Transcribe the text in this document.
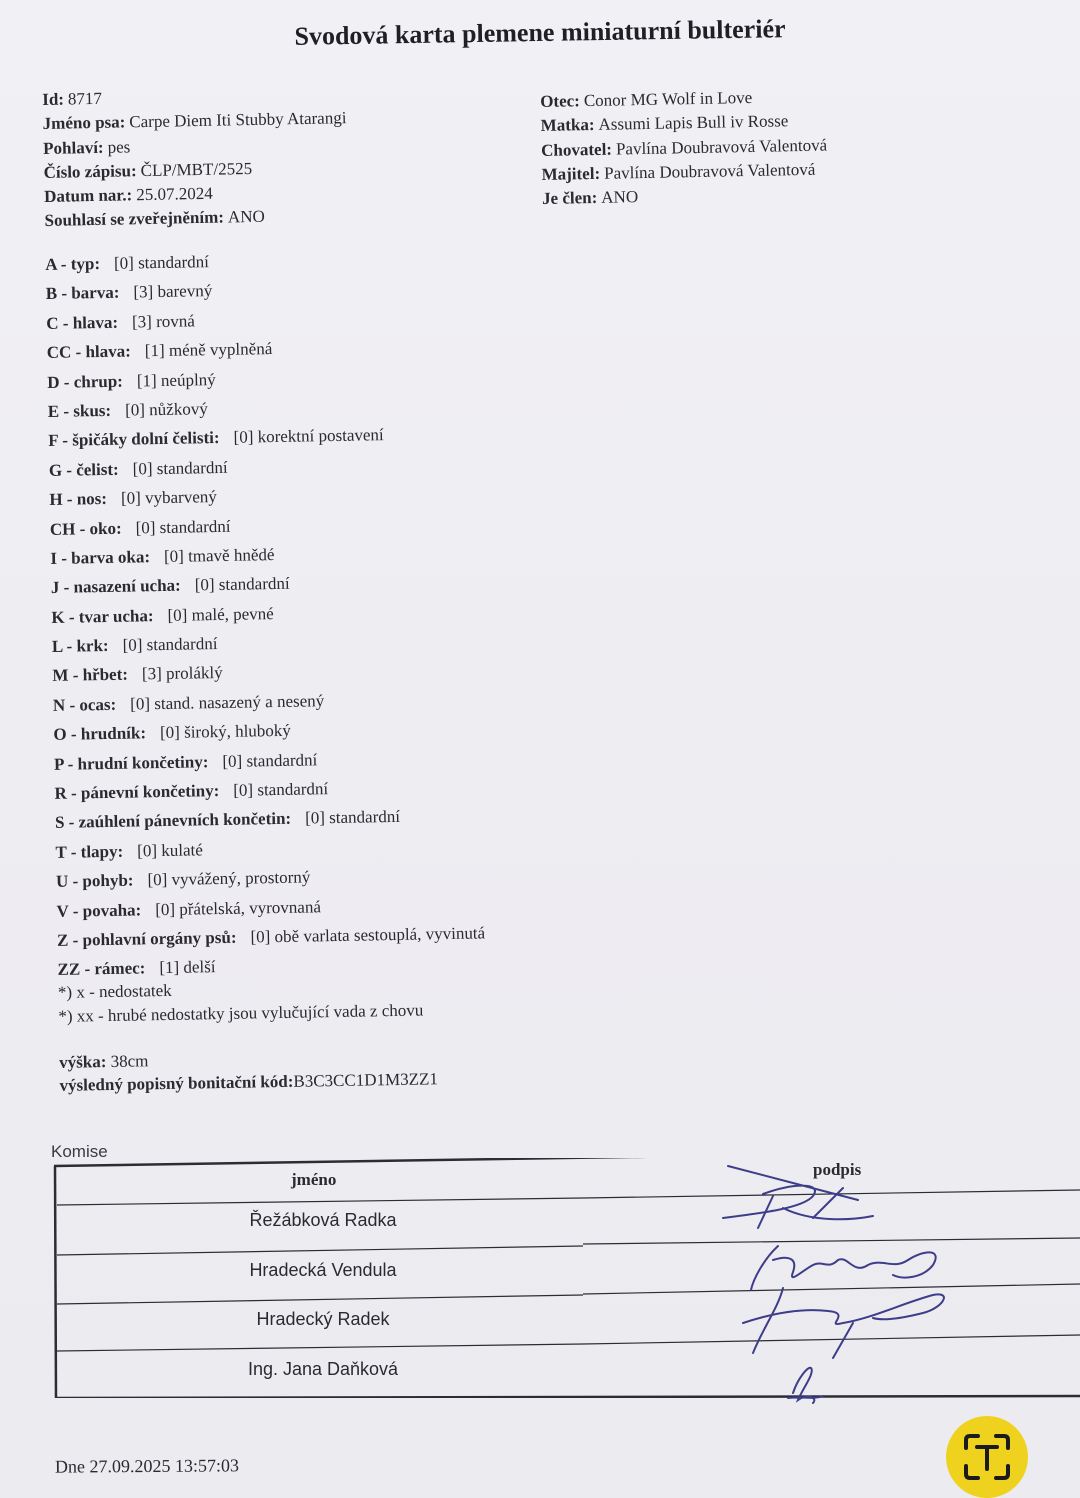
Svodová karta plemene miniaturní bulteriér
Id: 8717
Jméno psa: Carpe Diem Iti Stubby Atarangi
Pohlaví: pes
Číslo zápisu: ČLP/MBT/2525
Datum nar.: 25.07.2024
Souhlasí se zveřejněním: ANO
Otec: Conor MG Wolf in Love
Matka: Assumi Lapis Bull iv Rosse
Chovatel: Pavlína Doubravová Valentová
Majitel: Pavlína Doubravová Valentová
Je člen: ANO
A - typ: [0] standardní
B - barva: [3] barevný
C - hlava: [3] rovná
CC - hlava: [1] méně vyplněná
D - chrup: [1] neúplný
E - skus: [0] nůžkový
F - špičáky dolní čelisti: [0] korektní postavení
G - čelist: [0] standardní
H - nos: [0] vybarvený
CH - oko: [0] standardní
I - barva oka: [0] tmavě hnědé
J - nasazení ucha: [0] standardní
K - tvar ucha: [0] malé, pevné
L - krk: [0] standardní
M - hřbet: [3] proláklý
N - ocas: [0] stand. nasazený a nesený
O - hrudník: [0] široký, hluboký
P - hrudní končetiny: [0] standardní
R - pánevní končetiny: [0] standardní
S - zaúhlení pánevních končetin: [0] standardní
T - tlapy: [0] kulaté
U - pohyb: [0] vyvážený, prostorný
V - povaha: [0] přátelská, vyrovnaná
Z - pohlavní orgány psů: [0] obě varlata sestouplá, vyvinutá
ZZ - rámec: [1] delší
*) x - nedostatek
*) xx - hrubé nedostatky jsou vylučující vada z chovu
výška: 38cm
výsledný popisný bonitační kód:B3C3CC1D1M3ZZ1
Komise
jméno
podpis
Řežábková Radka
Hradecká Vendula
Hradecký Radek
Ing. Jana Daňková
Dne 27.09.2025 13:57:03
